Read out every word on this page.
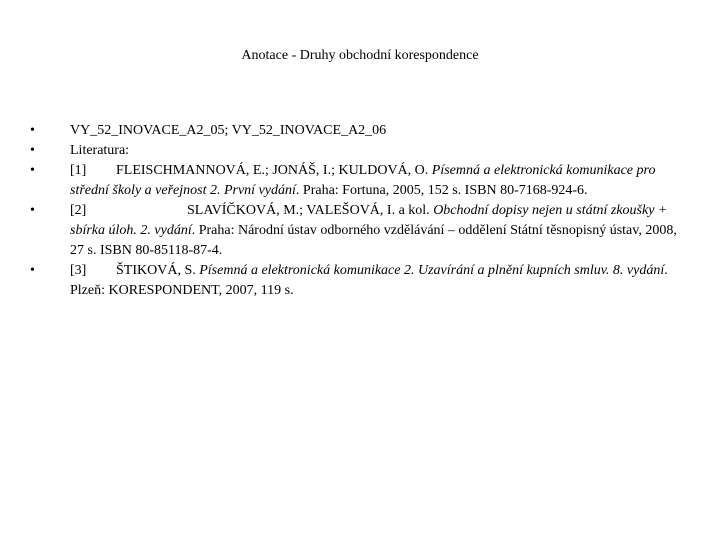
Anotace - Druhy obchodní korespondence
•	VY_52_INOVACE_A2_05; VY_52_INOVACE_A2_06
•	Literatura:
•	[1] FLEISCHMANNOVÁ, E.; JONÁŠ, I.; KULDOVÁ, O. Písemná a elektronická komunikace pro střední školy a veřejnost 2. První vydání. Praha: Fortuna, 2005, 152 s. ISBN 80-7168-924-6.
•	[2]	SLAVÍČKOVÁ, M.; VALEŠOVÁ, I. a kol. Obchodní dopisy nejen u státní zkoušky + sbírka úloh. 2. vydání. Praha: Národní ústav odborného vzdělávání – oddělení Státní těsnopisný ústav, 2008, 27 s. ISBN 80-85118-87-4.
•	[3] ŠTIKOVÁ, S. Písemná a elektronická komunikace 2. Uzavírání a plnění kupních smluv. 8. vydání. Plzeň: KORESPONDENT, 2007, 119 s.
